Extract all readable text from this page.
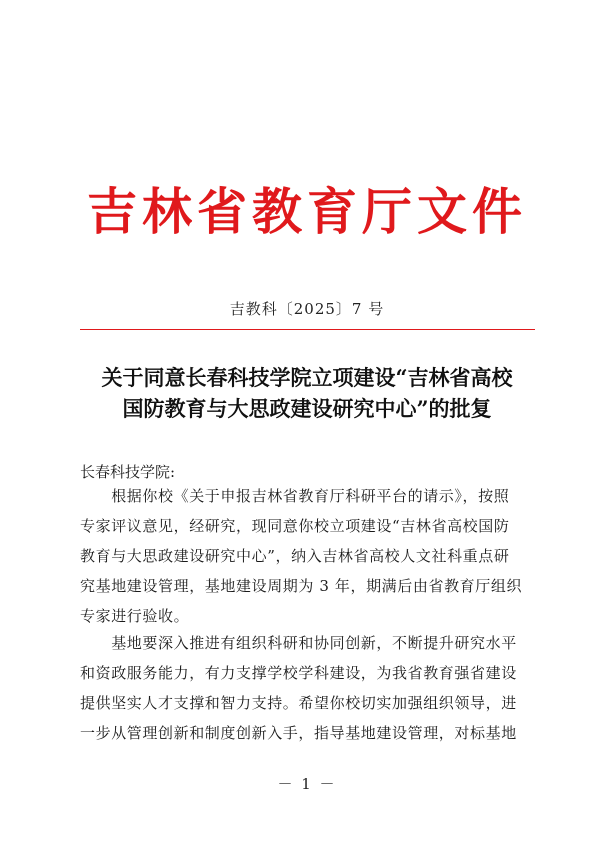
吉林省教育厅文件
吉教科〔2025〕7 号
关于同意长春科技学院立项建设“吉林省高校
国防教育与大思政建设研究中心”的批复
长春科技学院:
　　根据你校《关于申报吉林省教育厅科研平台的请示》，按照
专家评议意见，经研究，现同意你校立项建设“吉林省高校国防
教育与大思政建设研究中心”，纳入吉林省高校人文社科重点研
究基地建设管理，基地建设周期为 3 年，期满后由省教育厅组织
专家进行验收。
　　基地要深入推进有组织科研和协同创新，不断提升研究水平
和资政服务能力，有力支撑学校学科建设，为我省教育强省建设
提供坚实人才支撑和智力支持。希望你校切实加强组织领导，进
一步从管理创新和制度创新入手，指导基地建设管理，对标基地
－ 1 －
